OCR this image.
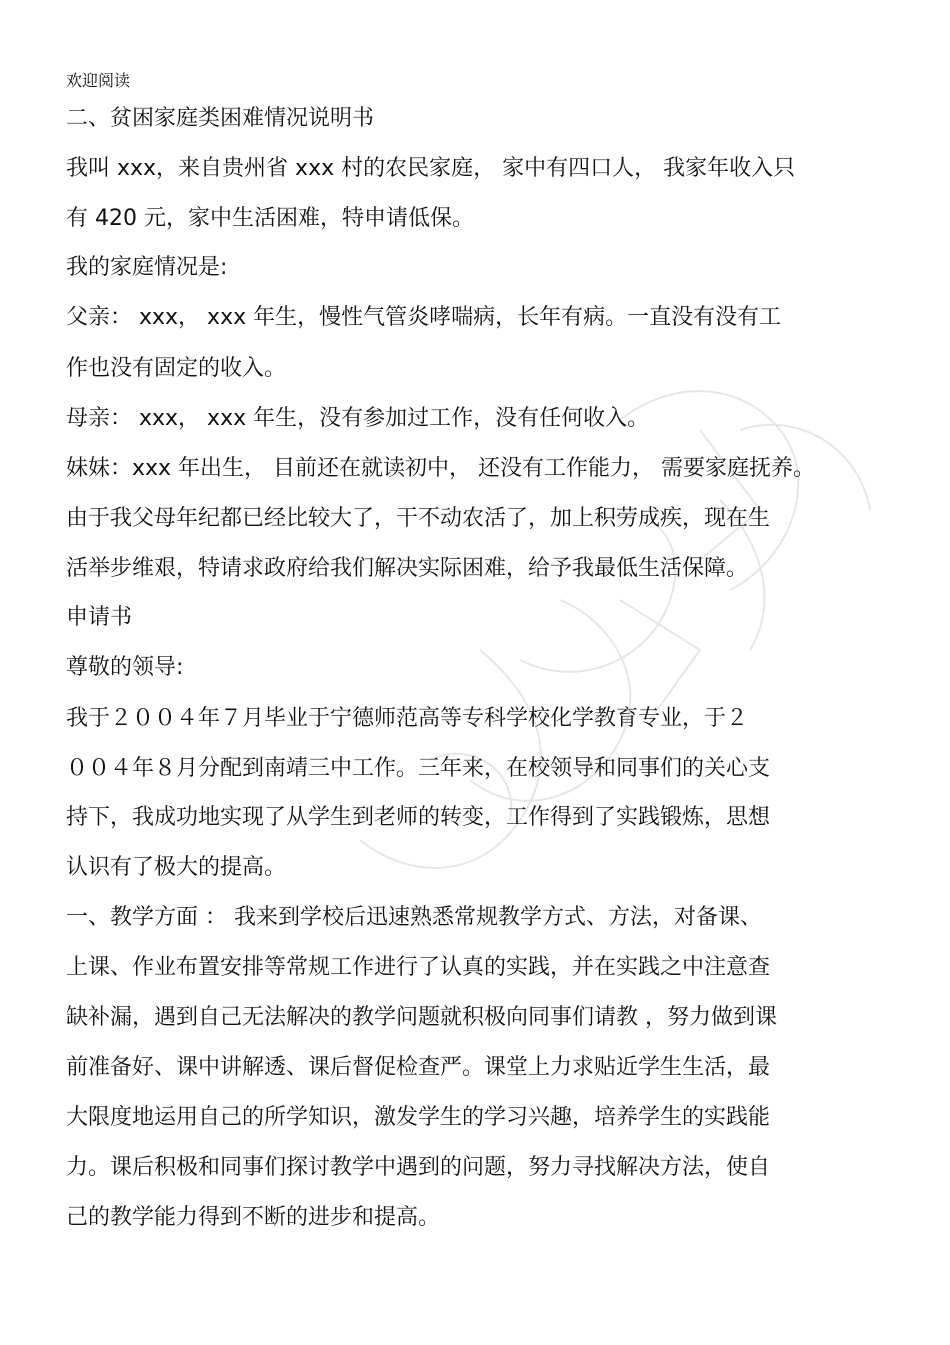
欢迎阅读
二、贫困家庭类困难情况说明书
我叫 xxx，来自贵州省 xxx 村的农民家庭， 家中有四口人， 我家年收入只
有 420 元，家中生活困难，特申请低保。
我的家庭情况是:
父亲： xxx， xxx 年生，慢性气管炎哮喘病，长年有病。一直没有没有工
作也没有固定的收入。
母亲： xxx， xxx 年生，没有参加过工作，没有任何收入。
妹妹：xxx 年出生， 目前还在就读初中， 还没有工作能力， 需要家庭抚养。
由于我父母年纪都已经比较大了，干不动农活了，加上积劳成疾，现在生
活举步维艰，特请求政府给我们解决实际困难，给予我最低生活保障。
申请书
尊敬的领导:
我于２００４年７月毕业于宁德师范高等专科学校化学教育专业，于２
００４年８月分配到南靖三中工作。三年来，在校领导和同事们的关心支
持下，我成功地实现了从学生到老师的转变，工作得到了实践锻炼，思想
认识有了极大的提高。
一、教学方面 ： 我来到学校后迅速熟悉常规教学方式、方法，对备课、
上课、作业布置安排等常规工作进行了认真的实践，并在实践之中注意查
缺补漏，遇到自己无法解决的教学问题就积极向同事们请教 ，努力做到课
前准备好、课中讲解透、课后督促检查严。课堂上力求贴近学生生活，最
大限度地运用自己的所学知识，激发学生的学习兴趣，培养学生的实践能
力。课后积极和同事们探讨教学中遇到的问题，努力寻找解决方法，使自
己的教学能力得到不断的进步和提高。
